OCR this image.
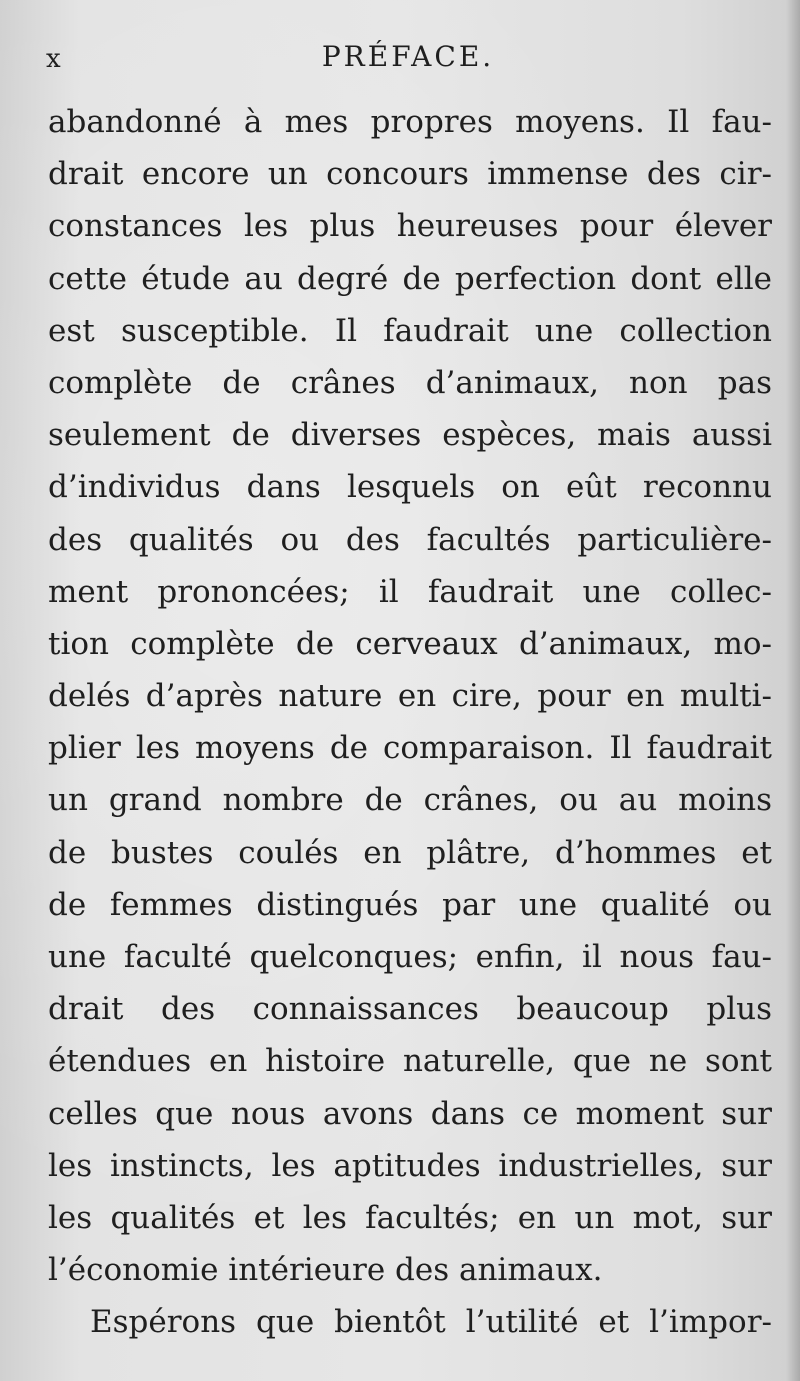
x	PRÉFACE.
abandonné à mes propres moyens. Il fau-
drait encore un concours immense des cir-
constances les plus heureuses pour élever
cette étude au degré de perfection dont elle
est susceptible. Il faudrait une collection
complète de crânes d’animaux, non pas
seulement de diverses espèces, mais aussi
d’individus dans lesquels on eût reconnu
des qualités ou des facultés particulière-
ment prononcées; il faudrait une collec-
tion complète de cerveaux d’animaux, mo-
delés d’après nature en cire, pour en multi-
plier les moyens de comparaison. Il faudrait
un grand nombre de crânes, ou au moins
de bustes coulés en plâtre, d’hommes et
de femmes distingués par une qualité ou
une faculté quelconques; enfin, il nous fau-
drait des connaissances beaucoup plus
étendues en histoire naturelle, que ne sont
celles que nous avons dans ce moment sur
les instincts, les aptitudes industrielles, sur
les qualités et les facultés; en un mot, sur
l’économie intérieure des animaux.
Espérons que bientôt l’utilité et l’impor-
